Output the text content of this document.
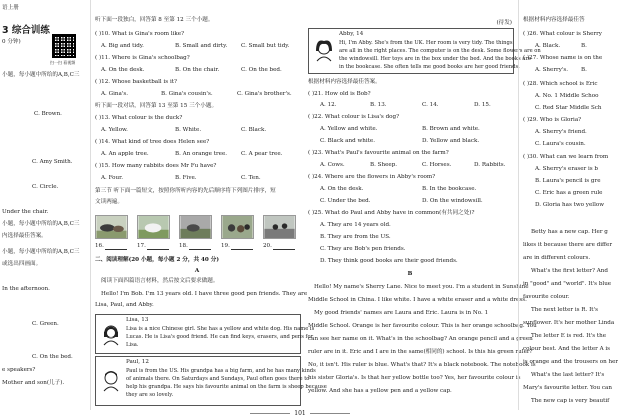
语上册
3 综合训练
0 分钟)
扫一扫 看视频
小题，每小题中所给的A,B,C三
C. Brown.
C. Amy Smith.
C. Circle.
Under the chair.
小题，每小题中所给的A,B,C三
内选择最佳答案。
小题，每小题中所给的A,B,C三
或选出四画面。
In the afternoon.
C. Green.
C. On the bed.
e speakers?
Mother and son(儿子).
听下面一段独白，回答第 8 至第 12 三个小题。
( )10. What is Gina's room like?
A. Big and tidy.	B. Small and dirty. C. Small but tidy.
( )11. Where is Gina's schoolbag?
A. On the desk.	B. On the chair.	C. On the bed.
( )12. Whose basketball is it?
A. Gina's.	B. Gina's cousin's.	C. Gina's brother's.
听下面一段对话，回答第 13 至第 15 三个小题。
( )13. What colour is the duck?
A. Yellow.	B. White.	C. Black.
( )14. What kind of tree does Helen see?
A. An apple tree.	B. An orange tree. C. A pear tree.
( )15. How many rabbits does Mr Fu have?
A. Four.	B. Five.	C. Ten.
第三节 听下面一篇短文，按照你所听内容的先后顺序将下列图片排序，短
文读两遍。
16.	17.	18.	19.	20.
二、阅读理解(20 小题，每小题 2 分，共 40 分)
A
阅读下面四篇语言材料，然后按文后要求做题。
Hello! I'm Bob. I'm 13 years old. I have three good pen friends. They are
Lisa, Paul, and Abby.
Lisa, 13
Lisa is a nice Chinese girl. She has a yellow and white dog. His name is
Lucas. He is Lisa's good friend. He can find keys, erasers, and pens for
Lisa.
Paul, 12
Paul is from the US. His grandpa has a big farm, and he has many kinds
of animals there. On Saturdays and Sundays, Paul often goes there to
help his grandpa. He says his favourite animal on the farm is sheep because
they are so lovely.
(待发)
Abby, 14
Hi, I'm Abby. She's from the UK. Her room is very tidy. The things
are all in the right places. The computer is on the desk. Some flowers are on
the windowsill. Her toys are in the box under the bed. And the books are
in the bookcase. She often tells me good books are her good friends.
根据材料内容选择最佳答案。
( )21. How old is Bob?
A. 12.	B. 13.	C. 14.	D. 15.
( )22. What colour is Lisa's dog?
A. Yellow and white.	B. Brown and white.
C. Black and white.	D. Yellow and black.
( )23. What's Paul's favourite animal on the farm?
A. Cows.	B. Sheep.	C. Horses.	D. Rabbits.
( )24. Where are the flowers in Abby's room?
A. On the desk.	B. In the bookcase.
C. Under the bed.	D. On the windowsill.
( )25. What do Paul and Abby have in common(有共同之处)?
A. They are 14 years old.
B. They are from the US.
C. They are Bob's pen friends.
D. They think good books are their good friends.
B
Hello! My name's Sherry Lane. Nice to meet you. I'm a student in Sunshine
Middle School in China. I like white. I have a white eraser and a white dress.
My good friends' names are Laura and Eric. Laura is in No. 1
Middle School. Orange is her favourite colour. This is her orange schoolbag. You
can see her name on it. What's in the schoolbag? An orange pencil and a green
ruler are in it. Eric and I are in the same(相同的) school. Is this his green ruler?
No, it isn't. His ruler is blue. What's that? It's a black notebook. The notebook is
his sister Gloria's. Is that her yellow bottle too? Yes, her favourite colour is
yellow. And she has a yellow pen and a yellow cap.
根据材料内容选择最佳答
( )26. What colour is Sherry
A. Black.	B.
( )27. Whose name is on the
A. Sherry's. B.
( )28. Which school is Eric
A. No. 1 Middle Schoo
C. Red Star Middle Sch
( )29. Who is Gloria?
A. Sherry's friend.
C. Laura's cousin.
( )30. What can we learn from
A. Sherry's eraser is b
B. Laura's pencil is gre
C. Eric has a green rule
D. Gloria has two yellow
Betty has a new cap. Her g
likes it because there are differ
are in different colours.
What's the first letter? And
in "good" and "world". It's blue
favourite colour.
The next letter is R. It's
sunflower. It's her mother Linda
The letter E is red. It's the
colour best. And the letter A is
is orange and the trousers on her
What's the last letter? It's
Mary's favourite letter. You can
The new cap is very beautif
101
